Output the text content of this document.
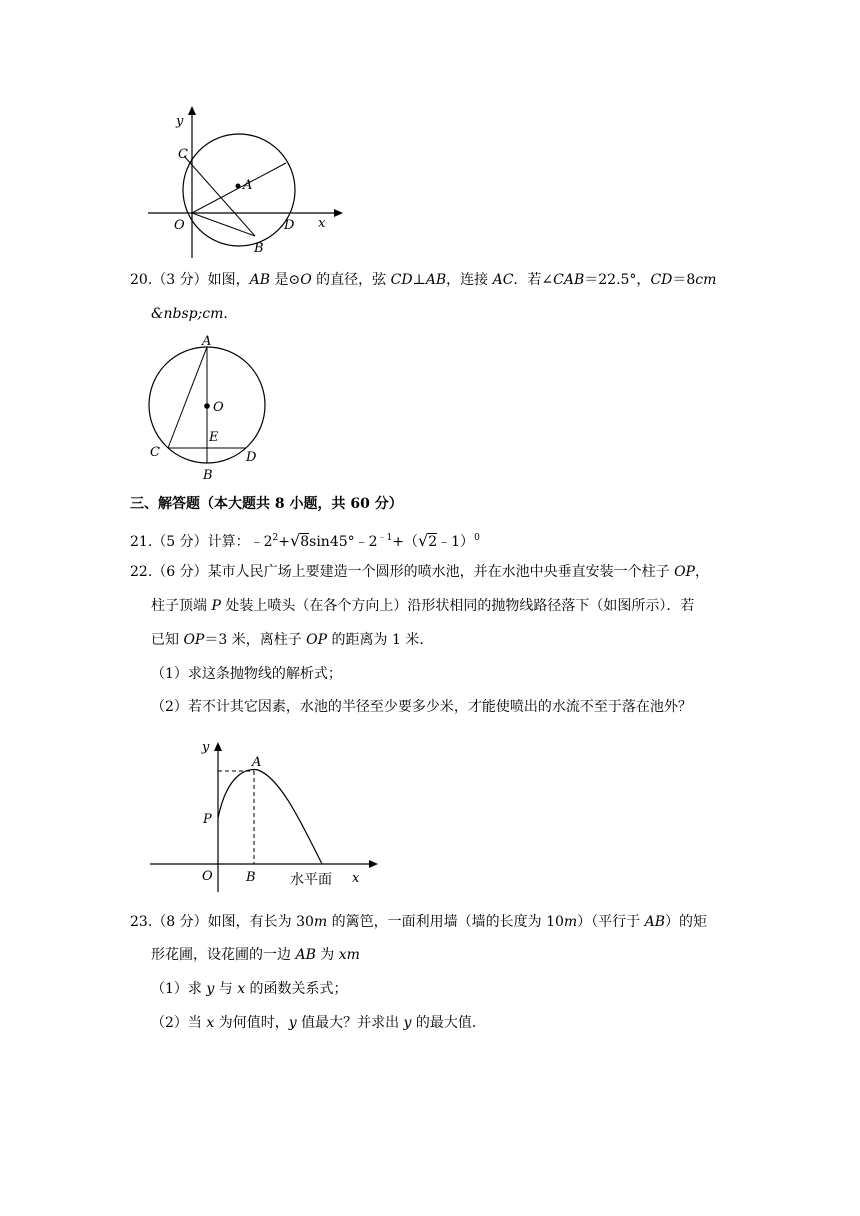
y
C
A
O	D x
B
20.（3 分）如图，AB 是⊙O 的直径，弦 CD⊥AB，连接 AC．若∠CAB＝22.5°，CD＝8cm
&nbsp;cm．
A
O
E
C	D
B
三、解答题（本大题共 8 小题，共 60 分）
21.（5 分）计算：$﹣2^2+√8\sin 45^\circ﹣2^{﹣1}+(√2﹣1)^0$
22.（6 分）某市人民广场上要建造一个圆形的喷水池，并在水池中央垂直安装一个柱子 OP，
柱子顶端 P 处装上喷头（在各个方向上）沿形状相同的抛物线路径落下（如图所示）．若
已知 OP＝3 米，离柱子 OP 的距离为 1 米．
（1）求这条抛物线的解析式；
（2）若不计其它因素，水池的半径至少要多少米，才能使喷出的水流不至于落在池外？
y
A
P
O	B 水平面 x
23.（8 分）如图，有长为 30m 的篱笆，一面利用墙（墙的长度为 10m）（平行于 AB）的矩
形花圃，设花圃的一边 AB 为 xm
（1）求 y 与 x 的函数关系式；
（2）当 x 为何值时，y 值最大？并求出 y 的最大值．
